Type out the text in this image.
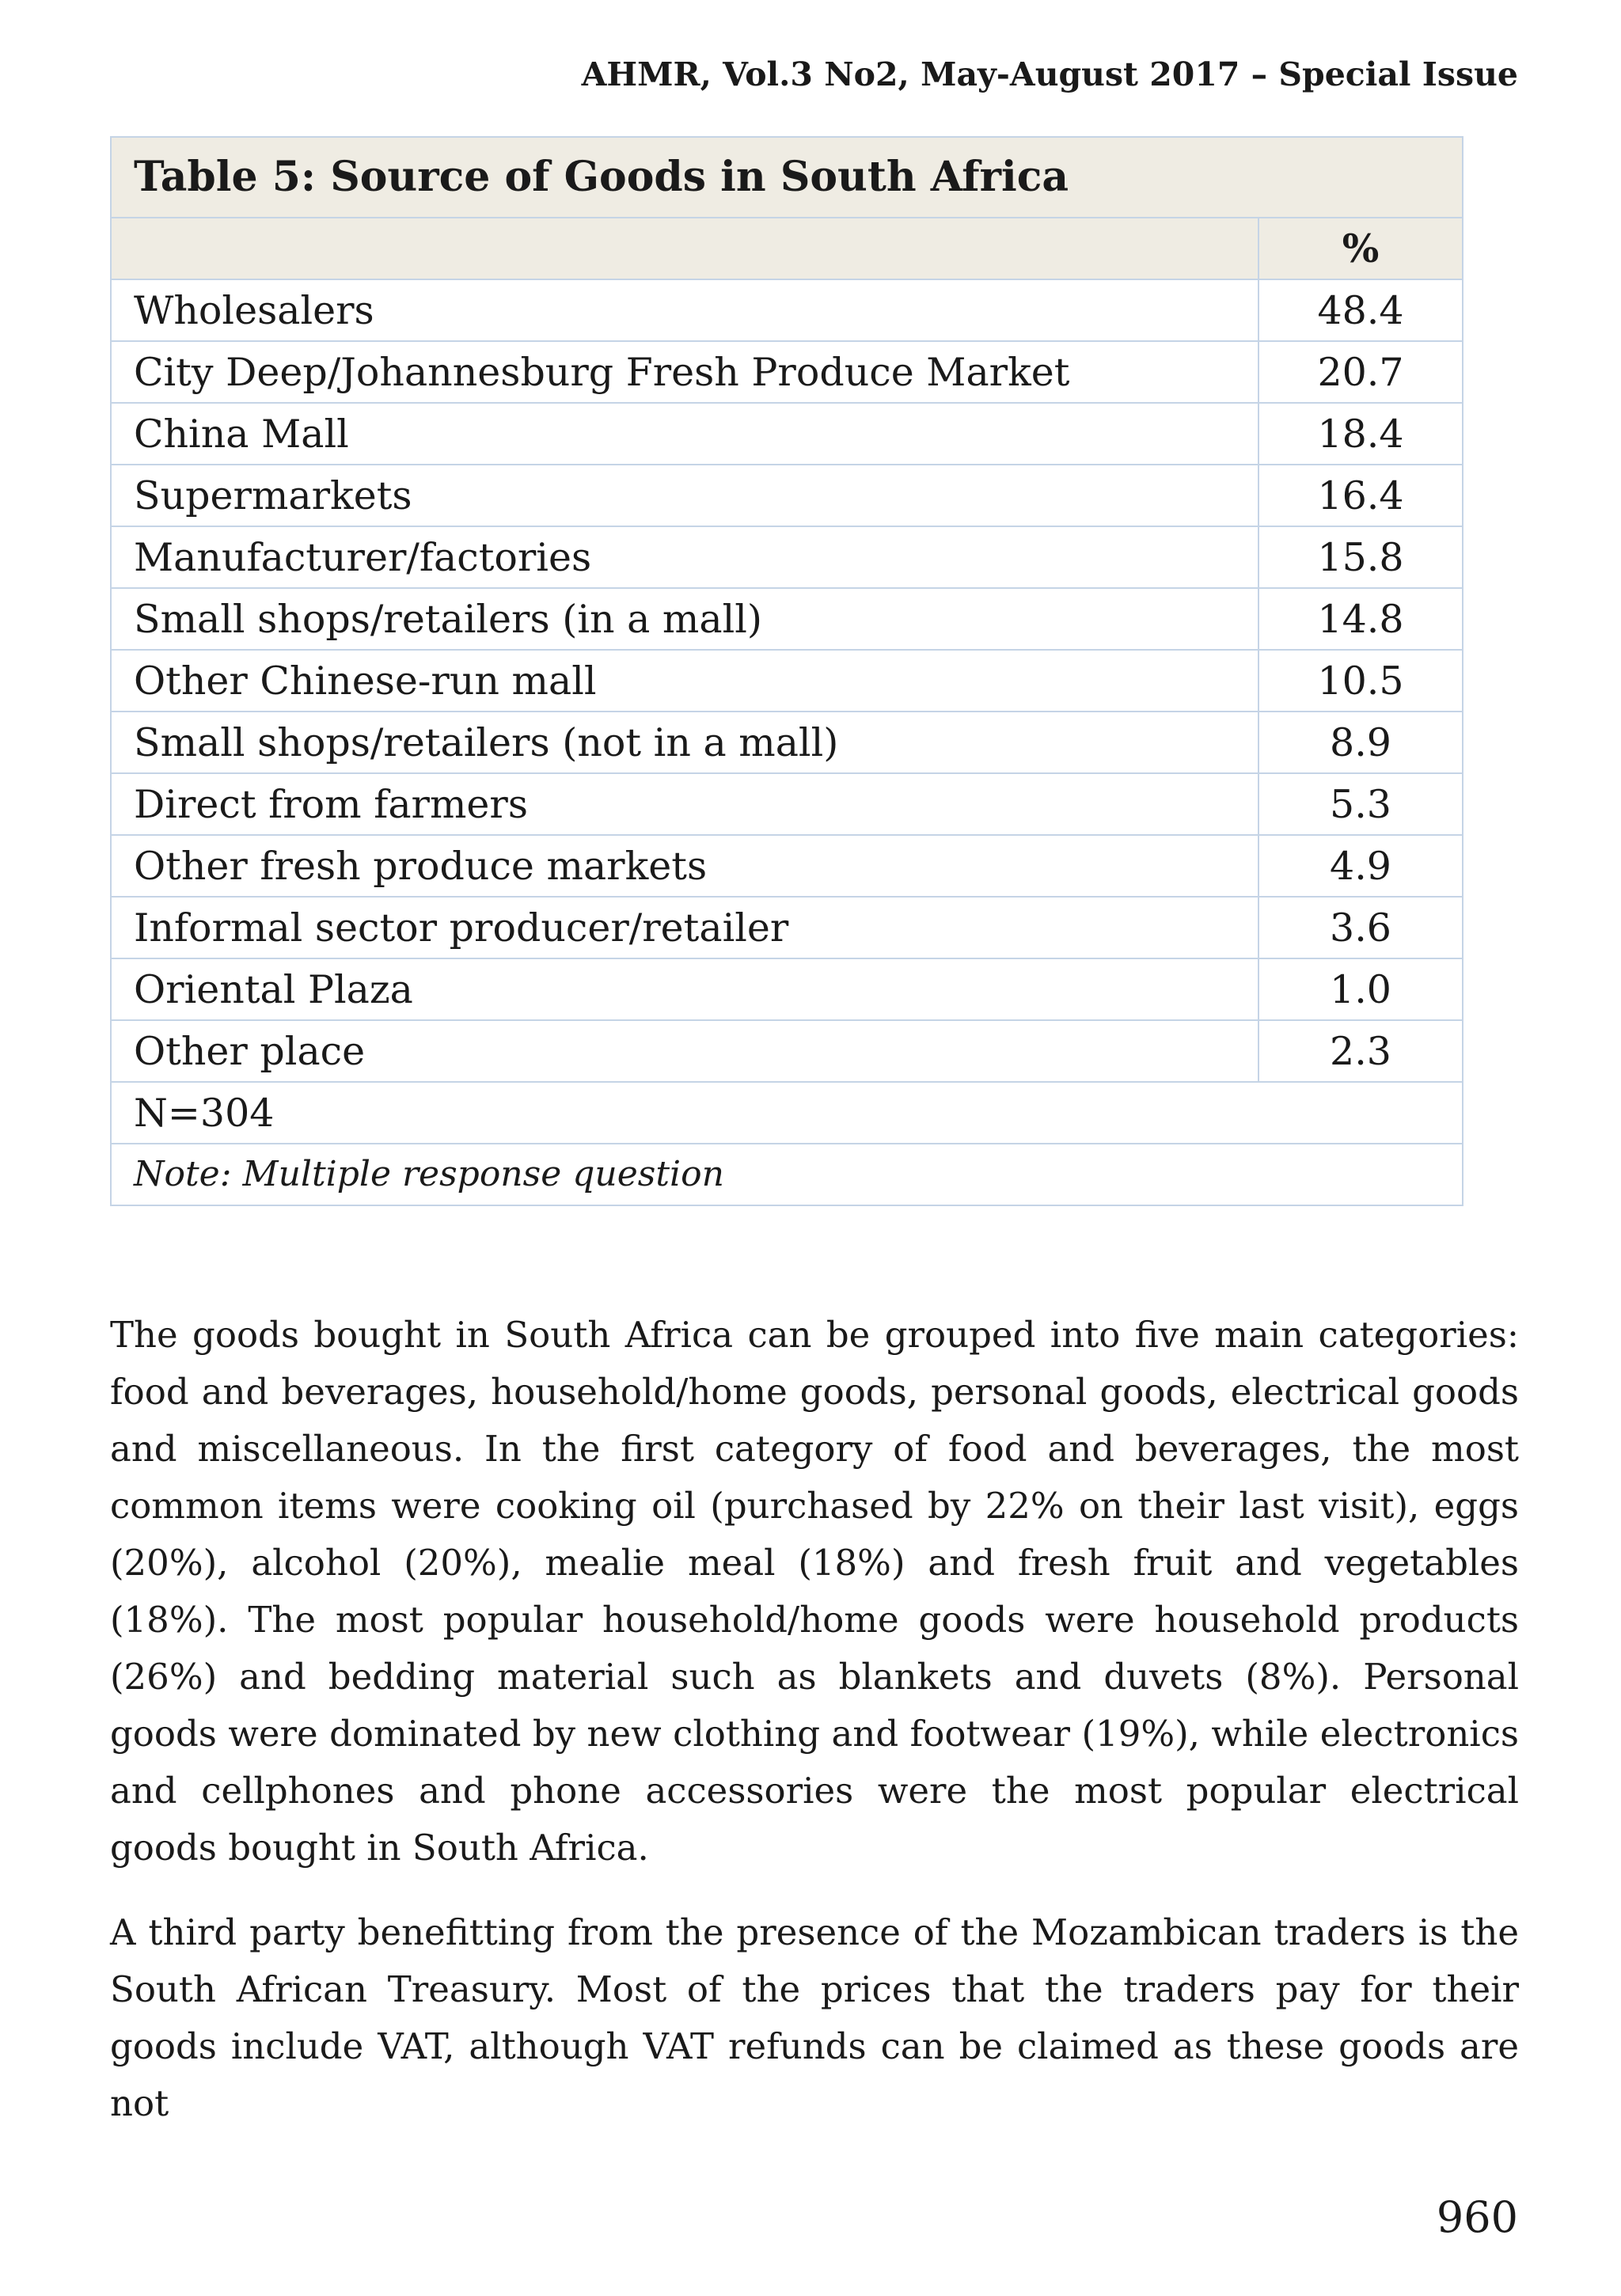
AHMR, Vol.3 No2, May-August 2017 – Special Issue
Table 5: Source of Goods in South Africa	
	%
Wholesalers	48.4
City Deep/Johannesburg Fresh Produce Market	20.7
China Mall	18.4
Supermarkets	16.4
Manufacturer/factories	15.8
Small shops/retailers (in a mall)	14.8
Other Chinese-run mall	10.5
Small shops/retailers (not in a mall)	8.9
Direct from farmers	5.3
Other fresh produce markets	4.9
Informal sector producer/retailer	3.6
Oriental Plaza	1.0
Other place	2.3
N=304	
Note: Multiple response question	

The goods bought in South Africa can be grouped into five main categories: food and beverages, household/home goods, personal goods, electrical goods and miscellaneous. In the first category of food and beverages, the most common items were cooking oil (purchased by 22% on their last visit), eggs (20%), alcohol (20%), mealie meal (18%) and fresh fruit and vegetables (18%). The most popular household/home goods were household products (26%) and bedding material such as blankets and duvets (8%). Personal goods were dominated by new clothing and footwear (19%), while electronics and cellphones and phone accessories were the most popular electrical goods bought in South Africa.

A third party benefitting from the presence of the Mozambican traders is the South African Treasury. Most of the prices that the traders pay for their goods include VAT, although VAT refunds can be claimed as these goods are not

960
